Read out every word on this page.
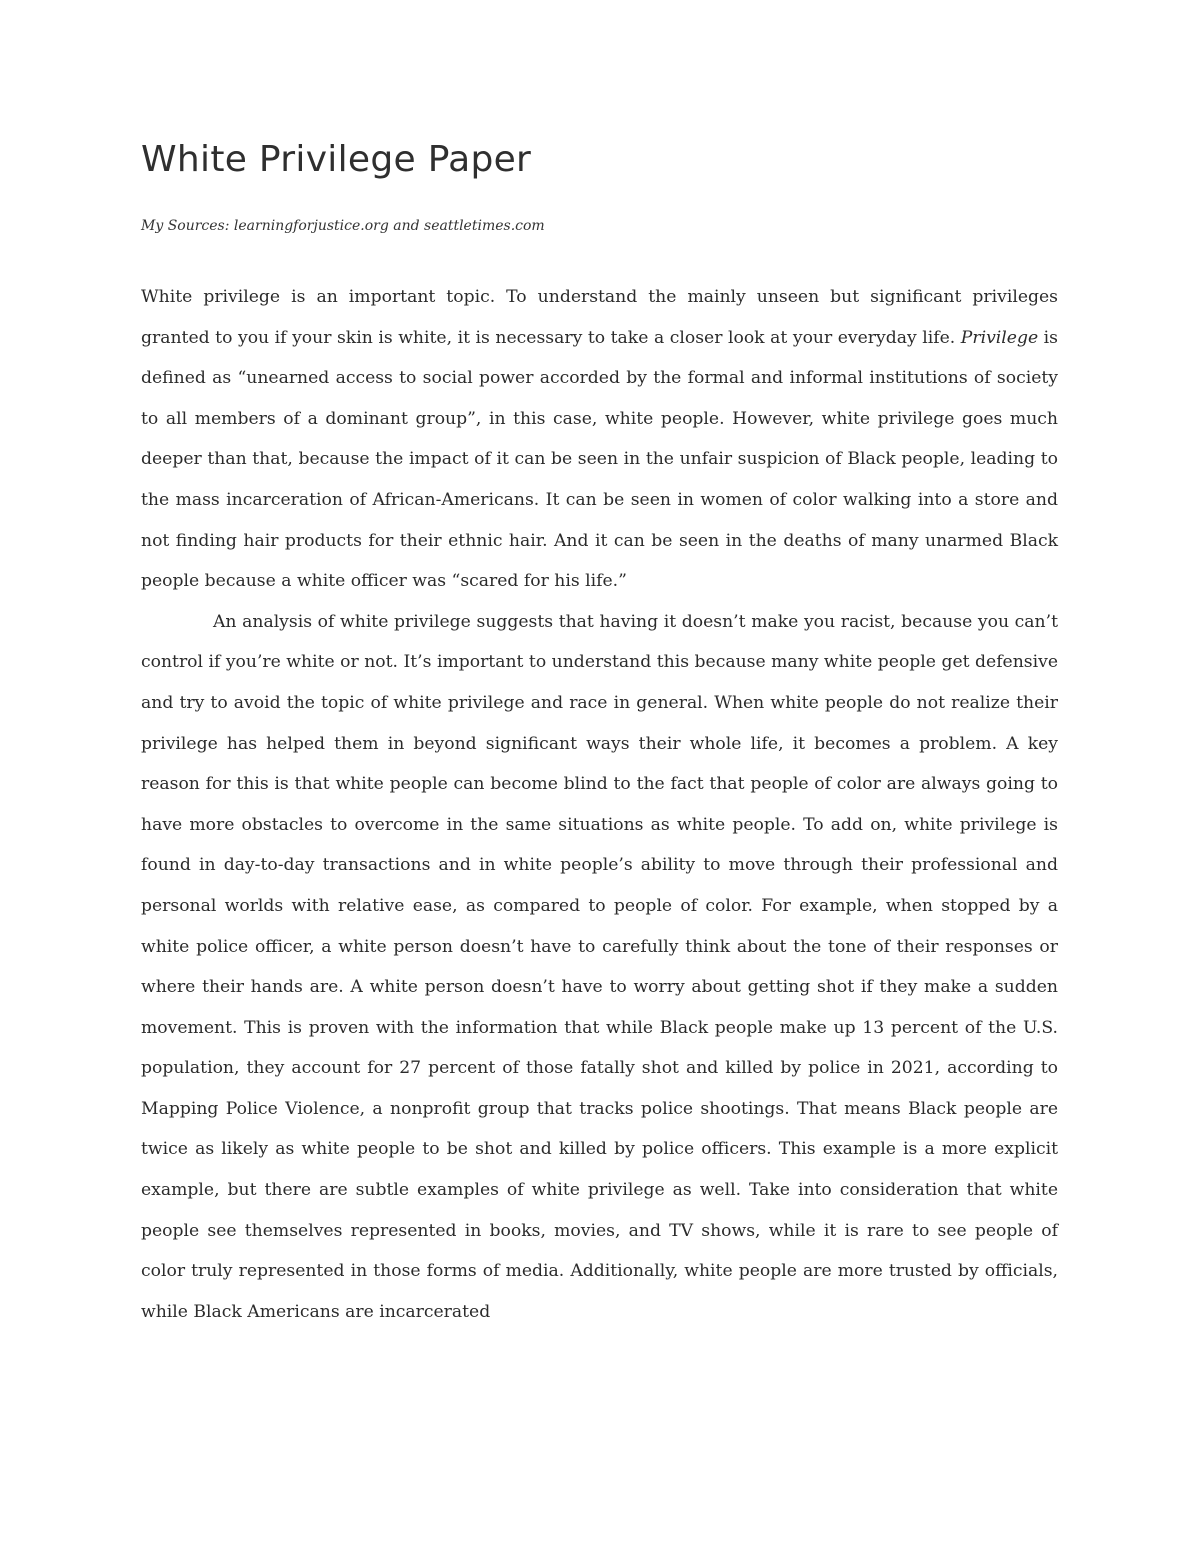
White Privilege Paper

My Sources: learningforjustice.org and seattletimes.com

White privilege is an important topic. To understand the mainly unseen but significant privileges granted to you if your skin is white, it is necessary to take a closer look at your everyday life. Privilege is defined as “unearned access to social power accorded by the formal and informal institutions of society to all members of a dominant group”, in this case, white people. However, white privilege goes much deeper than that, because the impact of it can be seen in the unfair suspicion of Black people, leading to the mass incarceration of African-Americans. It can be seen in women of color walking into a store and not finding hair products for their ethnic hair. And it can be seen in the deaths of many unarmed Black people because a white officer was “scared for his life.”

An analysis of white privilege suggests that having it doesn’t make you racist, because you can’t control if you’re white or not. It’s important to understand this because many white people get defensive and try to avoid the topic of white privilege and race in general. When white people do not realize their privilege has helped them in beyond significant ways their whole life, it becomes a problem. A key reason for this is that white people can become blind to the fact that people of color are always going to have more obstacles to overcome in the same situations as white people. To add on, white privilege is found in day-to-day transactions and in white people’s ability to move through their professional and personal worlds with relative ease, as compared to people of color. For example, when stopped by a white police officer, a white person doesn’t have to carefully think about the tone of their responses or where their hands are. A white person doesn’t have to worry about getting shot if they make a sudden movement. This is proven with the information that while Black people make up 13 percent of the U.S. population, they account for 27 percent of those fatally shot and killed by police in 2021, according to Mapping Police Violence, a nonprofit group that tracks police shootings. That means Black people are twice as likely as white people to be shot and killed by police officers. This example is a more explicit example, but there are subtle examples of white privilege as well. Take into consideration that white people see themselves represented in books, movies, and TV shows, while it is rare to see people of color truly represented in those forms of media. Additionally, white people are more trusted by officials, while Black Americans are incarcerated
